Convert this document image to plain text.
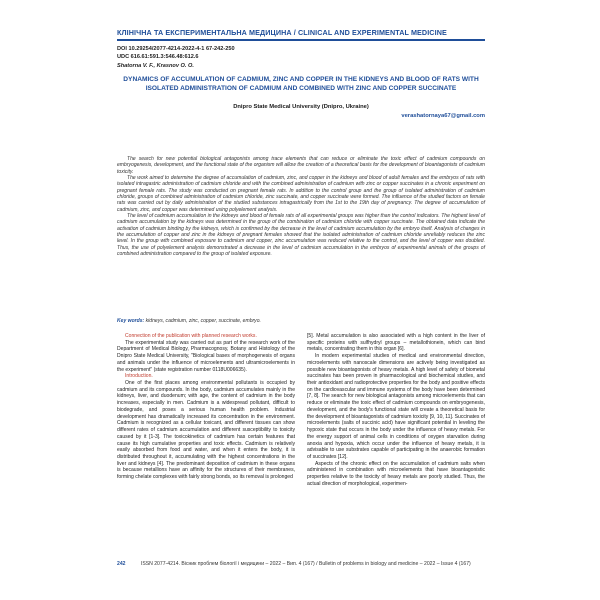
КЛІНІЧНА ТА ЕКСПЕРИМЕНТАЛЬНА МЕДИЦИНА / CLINICAL AND EXPERIMENTAL MEDICINE
DOI 10.29254/2077-4214-2022-4-1 67-242-250
UDC 616.61:591.3:546.48:612.6
Shatorna V. F., Krasnov O. O.
DYNAMICS OF ACCUMULATION OF CADMIUM, ZINC AND COPPER IN THE KIDNEYS AND BLOOD OF RATS WITH ISOLATED ADMINISTRATION OF CADMIUM AND COMBINED WITH ZINC AND COPPER SUCCINATE
Dnipro State Medical University (Dnipro, Ukraine)
verashatornaya67@gmail.com

The search for new potential biological antagonists among trace elements that can reduce or eliminate the toxic effect of cadmium compounds on embryogenesis, development, and the functional state of the organism will allow the creation of a theoretical basis for the development of bioantagonists of cadmium toxicity.

The work aimed to determine the degree of accumulation of cadmium, zinc, and copper in the kidneys and blood of adult females and the embryos of rats with isolated intragastric administration of cadmium chloride and with the combined administration of cadmium with zinc or copper succinates in a chronic experiment on pregnant female rats. The study was conducted on pregnant female rats. In addition to the control group and the group of isolated administration of cadmium chloride, groups of combined administration of cadmium chloride, zinc succinate, and copper succinate were formed. The influence of the studied factors on female rats was carried out by daily administration of the studied substances intragastrically from the 1st to the 19th day of pregnancy. The degree of accumulation of cadmium, zinc, and copper was determined using polyelement analysis.

The level of cadmium accumulation in the kidneys and blood of female rats of all experimental groups was higher than the control indicators. The highest level of cadmium accumulation by the kidneys was determined in the group of the combination of cadmium chloride with copper succinate. The obtained data indicate the activation of cadmium binding by the kidneys, which is confirmed by the decrease in the level of cadmium accumulation by the embryo itself. Analysis of changes in the accumulation of copper and zinc in the kidneys of pregnant females showed that the isolated administration of cadmium chloride unreliably reduces the zinc level. In the group with combined exposure to cadmium and copper, zinc accumulation was reduced relative to the control, and the level of copper was doubled. Thus, the use of polyelement analysis demonstrated a decrease in the level of cadmium accumulation in the embryos of experimental animals of the groups of combined administration compared to the group of isolated exposure.

Key words: kidneys, cadmium, zinc, copper, succinate, embryo.

Connection of the publication with planned research works.

The experimental study was carried out as part of the research work of the Department of Medical Biology, Pharmacognosy, Botany and Histology of the Dnipro State Medical University, "Biological bases of morphogenesis of organs and animals under the influence of microelements and ultramicroelements in the experiment" (state registration number 0118U006635).

Introduction.

One of the first places among environmental pollutants is occupied by cadmium and its compounds. In the body, cadmium accumulates mainly in the kidneys, liver, and duodenum; with age, the content of cadmium in the body increases, especially in men. Cadmium is a widespread pollutant, difficult to biodegrade, and poses a serious human health problem. Industrial development has dramatically increased its concentration in the environment. Cadmium is recognized as a cellular toxicant, and different tissues can show different rates of cadmium accumulation and different susceptibility to toxicity caused by it [1-3]. The toxicokinetics of cadmium has certain features that cause its high cumulative properties and toxic effects. Cadmium is relatively easily absorbed from food and water, and when it enters the body, it is distributed throughout it, accumulating with the highest concentrations in the liver and kidneys [4]. The predominant deposition of cadmium in these organs is because metallions have an affinity for the structures of their membranes, forming chelate complexes with fairly strong bonds, so its removal is prolonged

[5]. Metal accumulation is also associated with a high content in the liver of specific proteins with sulfhydryl groups – metallothionein, which can bind metals, concentrating them in this organ [6].

In modern experimental studies of medical and environmental direction, microelements with nanoscale dimensions are actively being investigated as possible new bioantagonists of heavy metals. A high level of safety of biometal succinates has been proven in pharmacological and biochemical studies, and their antioxidant and radioprotective properties for the body and positive effects on the cardiovascular and immune systems of the body have been determined [7, 8]. The search for new biological antagonists among microelements that can reduce or eliminate the toxic effect of cadmium compounds on embryogenesis, development, and the body's functional state will create a theoretical basis for the development of bioantagonists of cadmium toxicity [9, 10, 11]. Succinates of microelements (salts of succinic acid) have significant potential in leveling the hypoxic state that occurs in the body under the influence of heavy metals. For the energy support of animal cells in conditions of oxygen starvation during anoxia and hypoxia, which occur under the influence of heavy metals, it is advisable to use substrates capable of participating in the anaerobic formation of succinates [12].

Aspects of the chronic effect on the accumulation of cadmium salts when administered in combination with microelements that have bioantagonistic properties relative to the toxicity of heavy metals are poorly studied. Thus, the actual direction of morphological, experimen-

242	ISSN 2077-4214. Вісник проблем біології і медицини – 2022 – Вип. 4 (167) / Bulletin of problems in biology and medicine – 2022 – Issue 4 (167)
